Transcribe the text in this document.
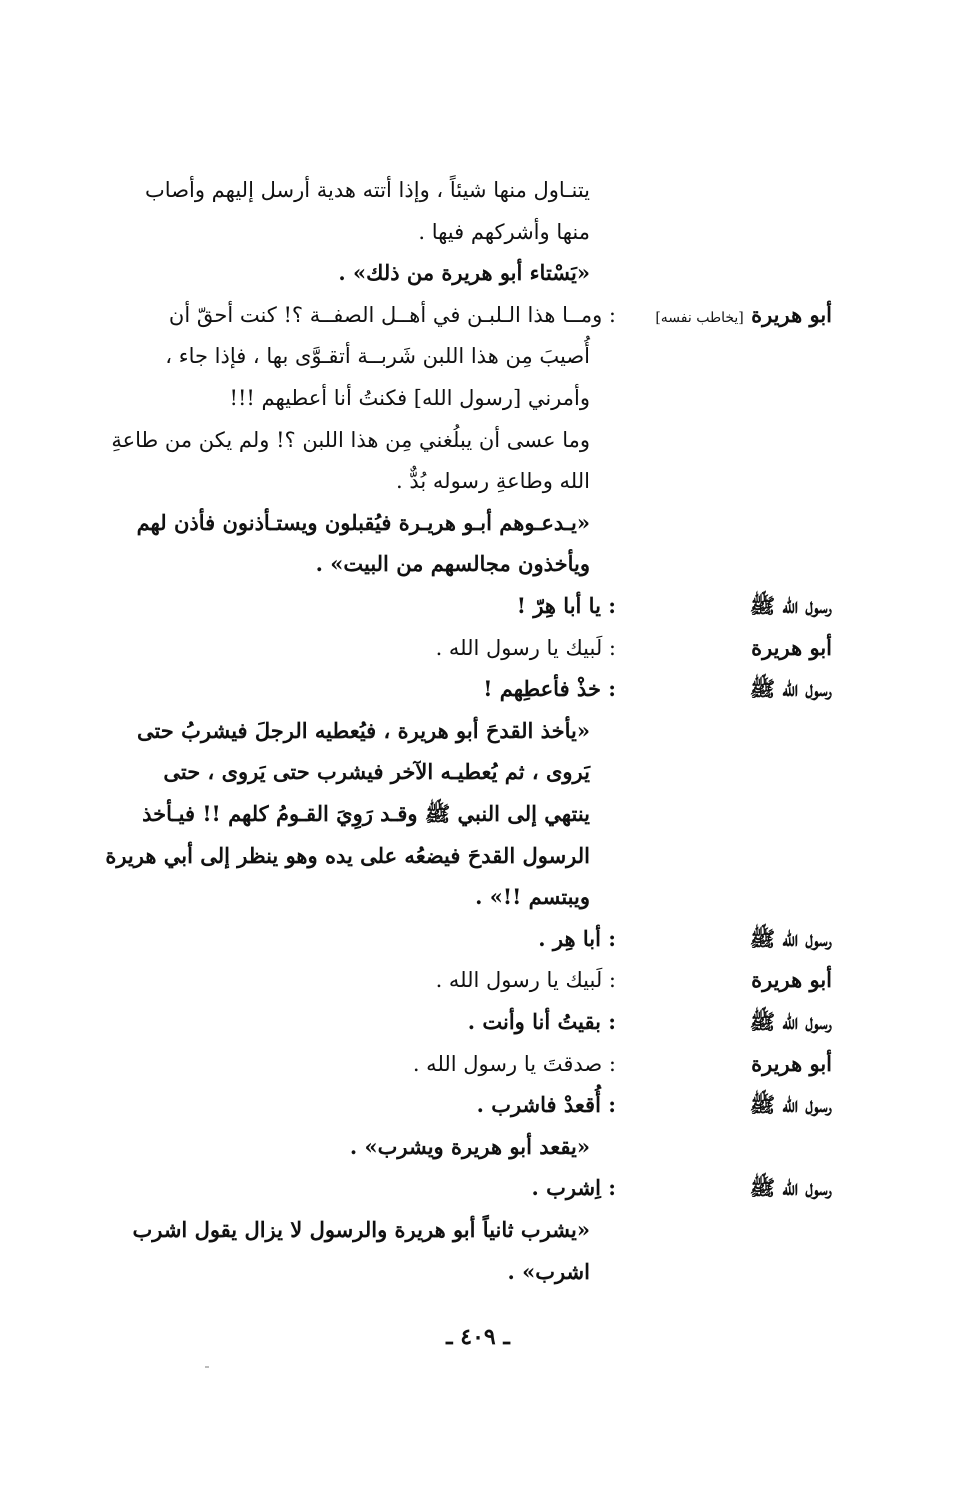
يتنـاول منها شيئاً ، وإذا أتته هدية أرسل إليهم وأصاب
منها وأشركهم فيها .
«يَسْتاء أبو هريرة من ذلك» .
أبو هريرة [يخاطب نفسه]
: ومــا هذا الـلبـن في أهــل الصفــة ؟! كنت أحقّ أن
أُصيبَ مِن هذا اللبن شَربــة أتقـوَّى بها ، فإذا جاء ،
وأمرني [رسول الله] فكنتُ أنا أعطيهم !!!
وما عسى أن يبلُغني مِن هذا اللبن ؟! ولم يكن من طاعةِ
الله وطاعةِ رسوله بُدٌّ .
«يـدعـوهم أبـو هريـرة فيُقبلون ويستـأذنون فأذن لهم
ويأخذون مجالسهم من البيت» .
رسول الله ﷺ
: يا أبا هِرّ !
أبو هريرة
: لَبيك يا رسول الله .
رسول الله ﷺ
: خذْ فأعطِهم !
«يأخذ القدحَ أبو هريرة ، فيُعطيه الرجلَ فيشربُ حتى
يَروى ، ثم يُعطيـه الآخر فيشرب حتى يَروى ، حتى
ينتهي إلى النبي ﷺ وقـد رَوِيَ القـومُ كلهم !! فيـأخذ
الرسول القدحَ فيضعُه على يده وهو ينظر إلى أبي هريرة
ويبتسم !!» .
رسول الله ﷺ
: أبا هِر .
أبو هريرة
: لَبيك يا رسول الله .
رسول الله ﷺ
: بقيتُ أنا وأنت .
أبو هريرة
: صدقتَ يا رسول الله .
رسول الله ﷺ
: أُقعدْ فاشرب .
«يقعد أبو هريرة ويشرب» .
رسول الله ﷺ
: اِشرب .
«يشرب ثانياً أبو هريرة والرسول لا يزال يقول اشرب
اشرب» .
ـ ٤٠٩ ـ
